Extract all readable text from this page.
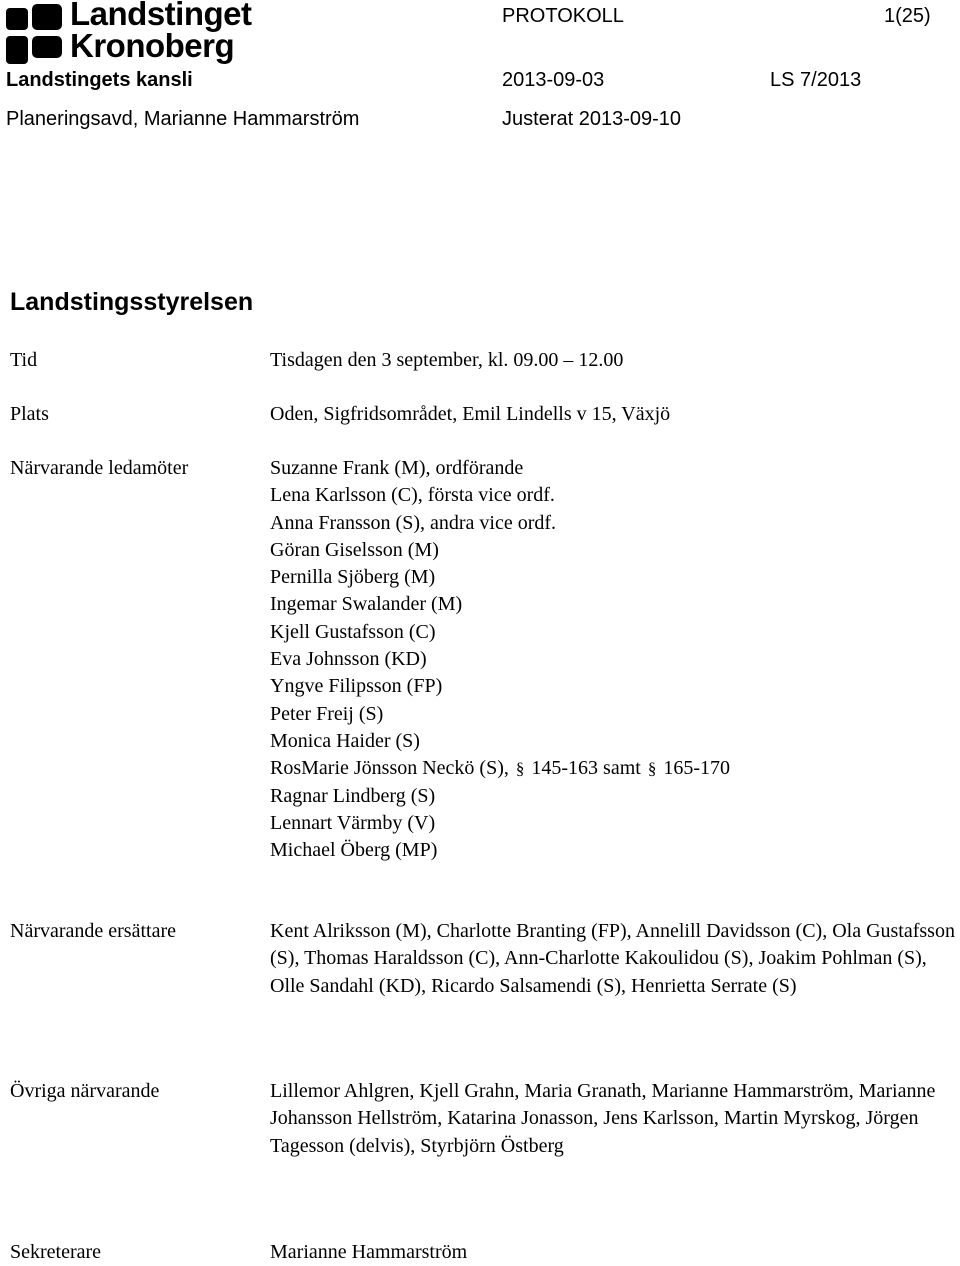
Landstinget
Kronoberg
PROTOKOLL	1(25)
Landstingets kansli	2013-09-03	LS 7/2013
Planeringsavd, Marianne Hammarström	Justerat 2013-09-10
Landstingsstyrelsen
Tid	Tisdagen den 3 september, kl. 09.00 – 12.00
Plats	Oden, Sigfridsområdet, Emil Lindells v 15, Växjö
Närvarande ledamöter	Suzanne Frank (M), ordförande
Lena Karlsson (C), första vice ordf.
Anna Fransson (S), andra vice ordf.
Göran Giselsson (M)
Pernilla Sjöberg (M)
Ingemar Swalander (M)
Kjell Gustafsson (C)
Eva Johnsson (KD)
Yngve Filipsson (FP)
Peter Freij (S)
Monica Haider (S)
RosMarie Jönsson Neckö (S), § 145-163 samt § 165-170
Ragnar Lindberg (S)
Lennart Värmby (V)
Michael Öberg (MP)
Närvarande ersättare	Kent Alriksson (M), Charlotte Branting (FP), Annelill Davidsson (C), Ola Gustafsson (S), Thomas Haraldsson (C), Ann-Charlotte Kakoulidou (S), Joakim Pohlman (S), Olle Sandahl (KD), Ricardo Salsamendi (S), Henrietta Serrate (S)
Övriga närvarande	Lillemor Ahlgren, Kjell Grahn, Maria Granath, Marianne Hammarström, Marianne Johansson Hellström, Katarina Jonasson, Jens Karlsson, Martin Myrskog, Jörgen Tagesson (delvis), Styrbjörn Östberg
Sekreterare	Marianne Hammarström
